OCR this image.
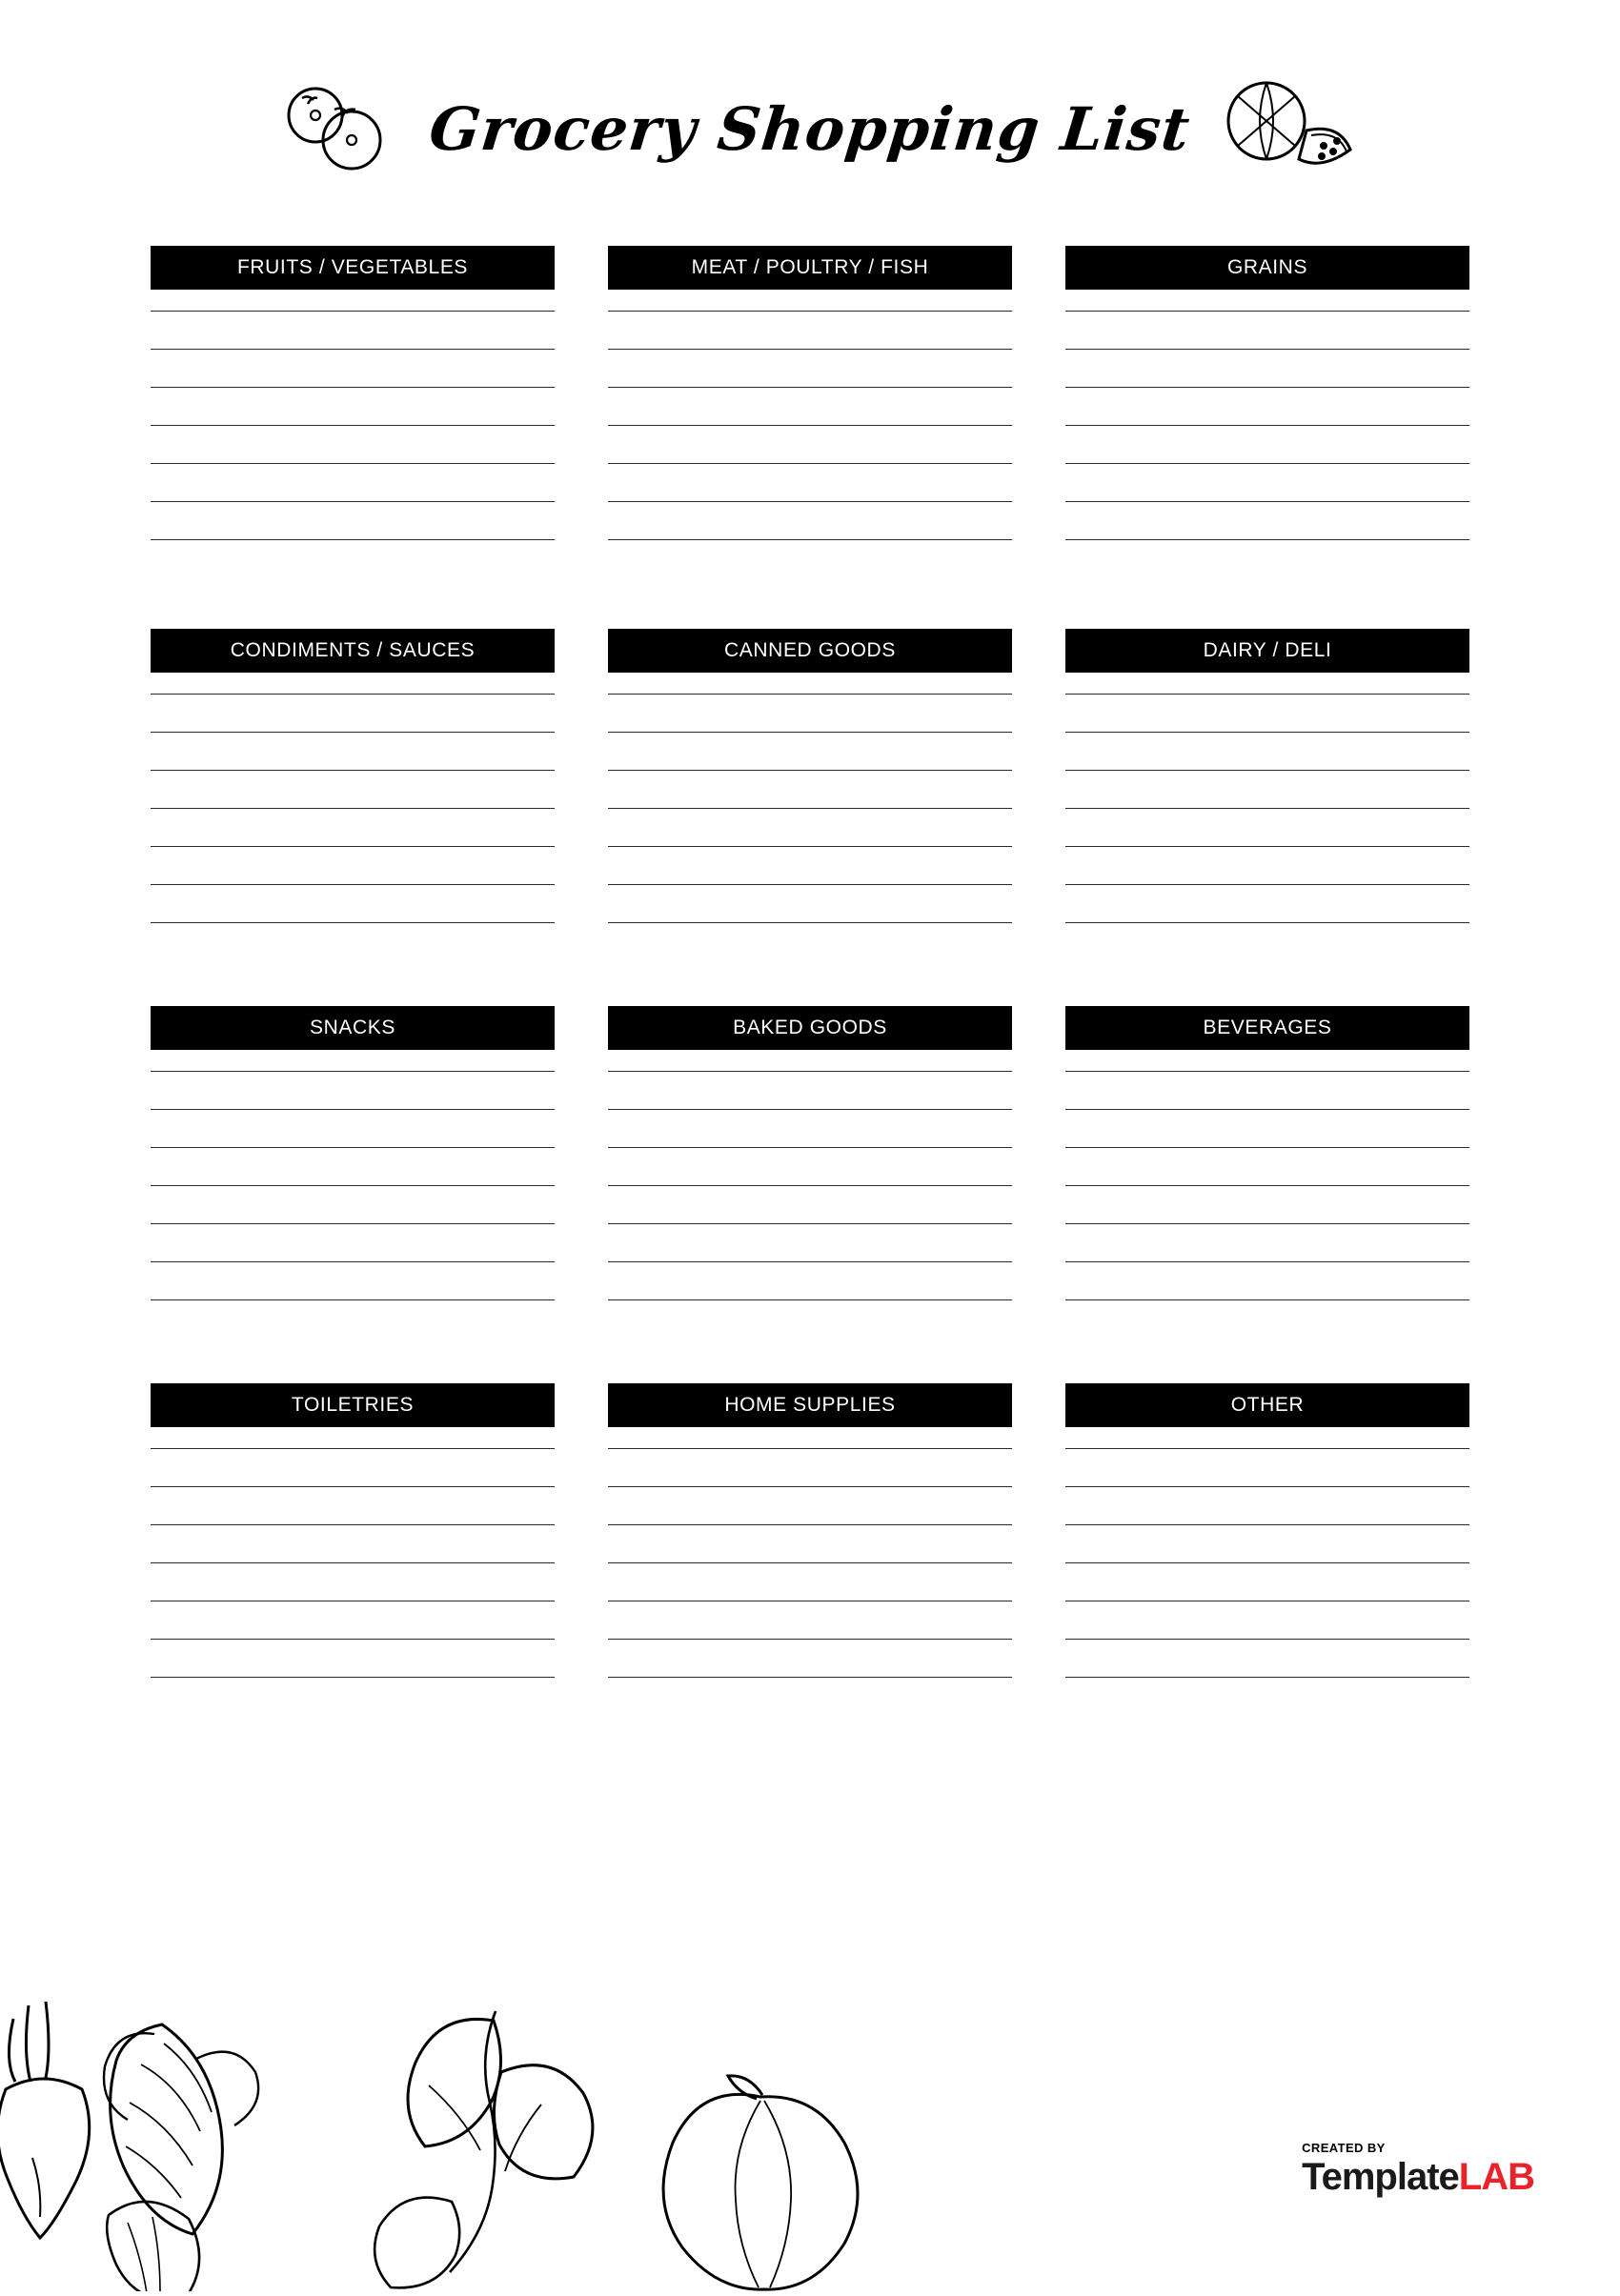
Grocery Shopping List
FRUITS / VEGETABLES	MEAT / POULTRY / FISH	GRAINS
CONDIMENTS / SAUCES	CANNED GOODS	DAIRY / DELI
SNACKS	BAKED GOODS	BEVERAGES
TOILETRIES	HOME SUPPLIES	OTHER
CREATED BY
TemplateLAB
